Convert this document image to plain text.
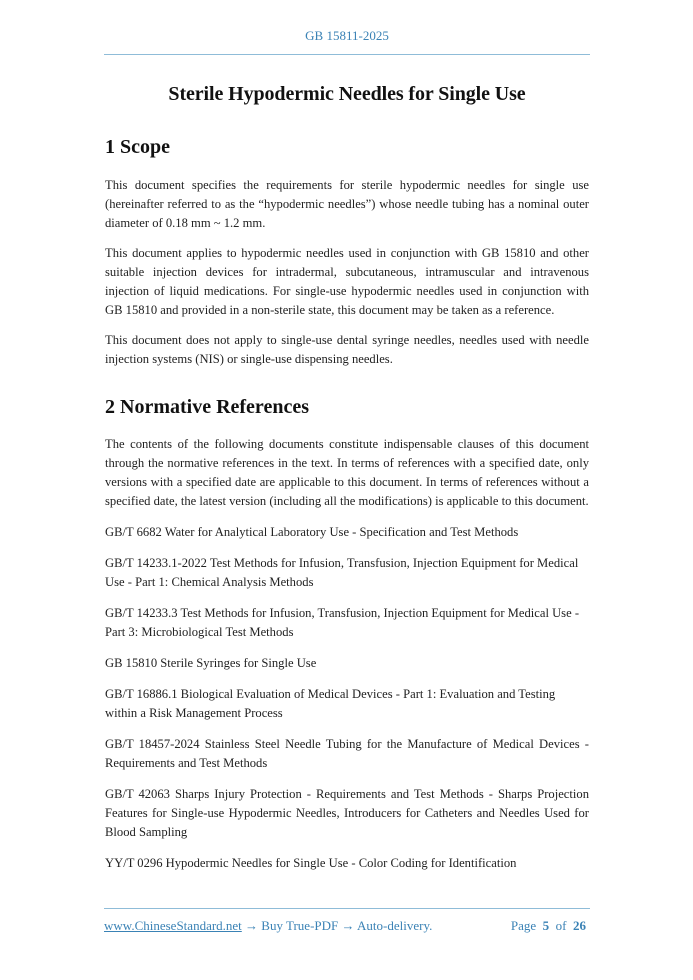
GB 15811-2025
Sterile Hypodermic Needles for Single Use
1 Scope

This document specifies the requirements for sterile hypodermic needles for single use (hereinafter referred to as the “hypodermic needles”) whose needle tubing has a nominal outer diameter of 0.18 mm ~ 1.2 mm.

This document applies to hypodermic needles used in conjunction with GB 15810 and other suitable injection devices for intradermal, subcutaneous, intramuscular and intravenous injection of liquid medications. For single-use hypodermic needles used in conjunction with GB 15810 and provided in a non-sterile state, this document may be taken as a reference.

This document does not apply to single-use dental syringe needles, needles used with needle injection systems (NIS) or single-use dispensing needles.

2 Normative References

The contents of the following documents constitute indispensable clauses of this document through the normative references in the text. In terms of references with a specified date, only versions with a specified date are applicable to this document. In terms of references without a specified date, the latest version (including all the modifications) is applicable to this document.

GB/T 6682 Water for Analytical Laboratory Use - Specification and Test Methods

GB/T 14233.1-2022 Test Methods for Infusion, Transfusion, Injection Equipment for Medical Use - Part 1: Chemical Analysis Methods

GB/T 14233.3 Test Methods for Infusion, Transfusion, Injection Equipment for Medical Use - Part 3: Microbiological Test Methods

GB 15810 Sterile Syringes for Single Use

GB/T 16886.1 Biological Evaluation of Medical Devices - Part 1: Evaluation and Testing within a Risk Management Process

GB/T 18457-2024 Stainless Steel Needle Tubing for the Manufacture of Medical Devices - Requirements and Test Methods

GB/T 42063 Sharps Injury Protection - Requirements and Test Methods - Sharps Projection Features for Single-use Hypodermic Needles, Introducers for Catheters and Needles Used for Blood Sampling

YY/T 0296 Hypodermic Needles for Single Use - Color Coding for Identification

www.ChineseStandard.net → Buy True-PDF → Auto-delivery.	Page 5 of 26
